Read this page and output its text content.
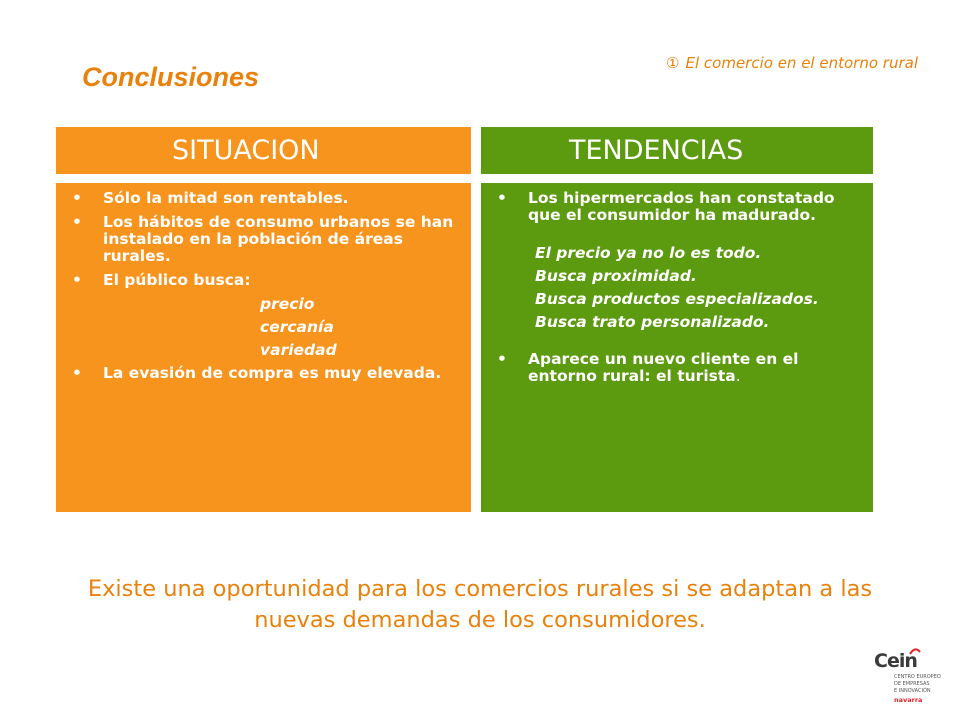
① El comercio en el entorno rural
Conclusiones
SITUACION	TENDENCIAS
• Sólo la mitad son rentables.
• Los hábitos de consumo urbanos se han instalado en la población de áreas rurales.
• El público busca:
precio
cercanía
variedad
• La evasión de compra es muy elevada.
• Los hipermercados han constatado que el consumidor ha madurado.
El precio ya no lo es todo.
Busca proximidad.
Busca productos especializados.
Busca trato personalizado.
• Aparece un nuevo cliente en el entorno rural: el turista.
Existe una oportunidad para los comercios rurales si se adaptan a las nuevas demandas de los consumidores.
Cein
CENTRO EUROPEO
DE EMPRESAS
E INNOVACIÓN
navarra
